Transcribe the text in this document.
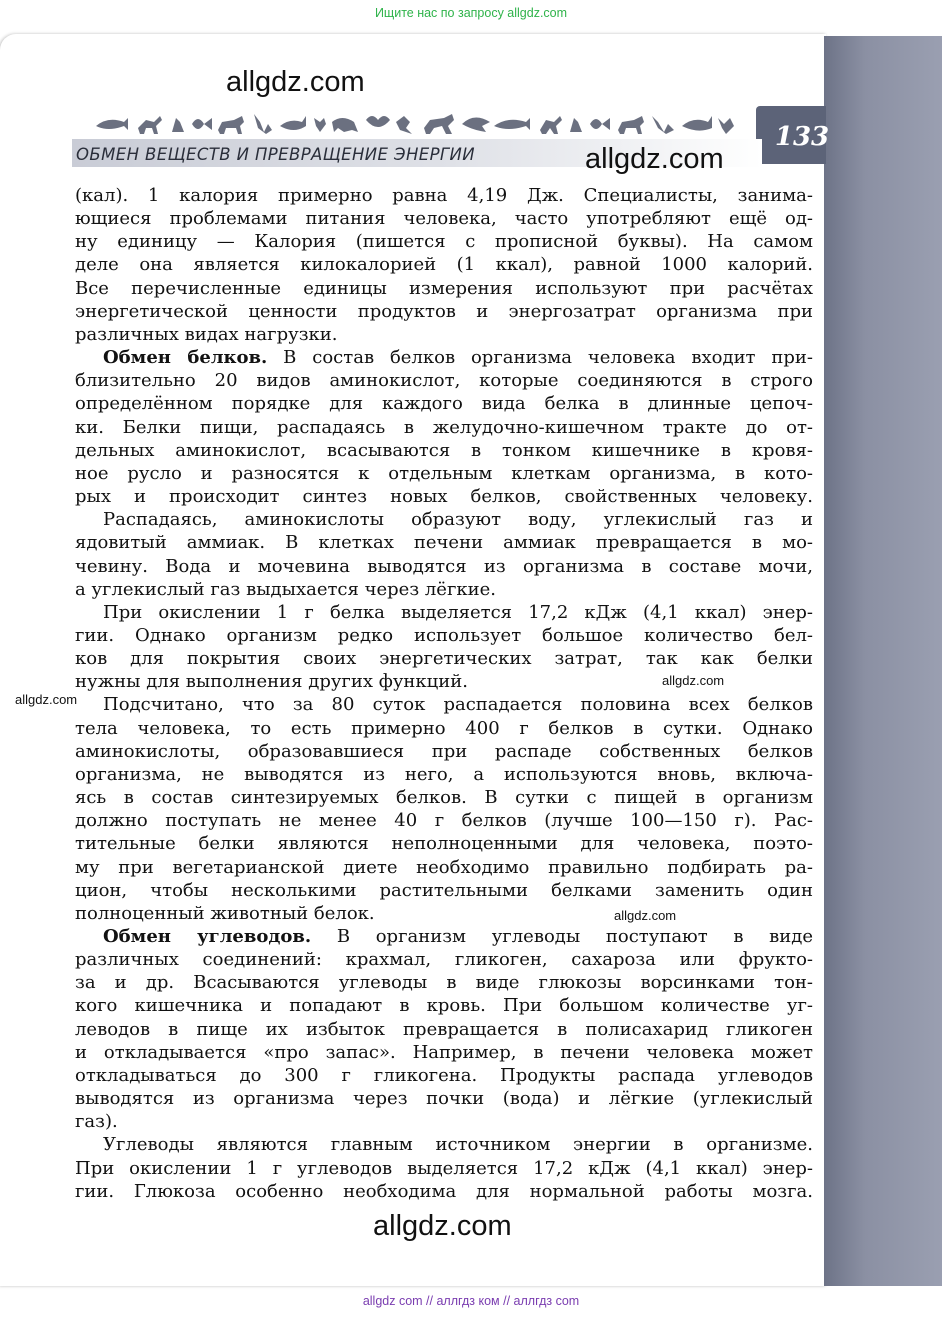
Ищите нас по запросу allgdz.com
133
allgdz.com
ОБМЕН ВЕЩЕСТВ И ПРЕВРАЩЕНИЕ ЭНЕРГИИ	allgdz.com

(кал). 1 калория примерно равна 4,19 Дж. Специалисты, занима-
ющиеся проблемами питания человека, часто употребляют ещё од-
ну единицу — Калория (пишется с прописной буквы). На самом
деле она является килокалорией (1 ккал), равной 1000 калорий.
Все перечисленные единицы измерения используют при расчётах
энергетической ценности продуктов и энергозатрат организма при

различных видах нагрузки.

Обмен белков. В состав белков организма человека входит при-
близительно 20 видов аминокислот, которые соединяются в строго
определённом порядке для каждого вида белка в длинные цепоч-
ки. Белки пищи, распадаясь в желудочно-кишечном тракте до от-
дельных аминокислот, всасываются в тонком кишечнике в кровя-
ное русло и разносятся к отдельным клеткам организма, в кото-
рых и происходит синтез новых белков, свойственных человеку.

Распадаясь, аминокислоты образуют воду, углекислый газ и
ядовитый аммиак. В клетках печени аммиак превращается в мо-
чевину. Вода и мочевина выводятся из организма в составе мочи,

а углекислый газ выдыхается через лёгкие.

При окислении 1 г белка выделяется 17,2 кДж (4,1 ккал) энер-
гии. Однако организм редко использует большое количество бел-
ков для покрытия своих энергетических затрат, так как белки

нужны для выполнения других функций.

Подсчитано, что за 80 суток распадается половина всех белков
тела человека, то есть примерно 400 г белков в сутки. Однако
аминокислоты, образовавшиеся при распаде собственных белков
организма, не выводятся из него, а используются вновь, включа-
ясь в состав синтезируемых белков. В сутки с пищей в организм
должно поступать не менее 40 г белков (лучше 100—150 г). Рас-
тительные белки являются неполноценными для человека, поэто-
му при вегетарианской диете необходимо правильно подбирать ра-
цион, чтобы несколькими растительными белками заменить один

полноценный животный белок.

Обмен углеводов. В организм углеводы поступают в виде
различных соединений: крахмал, гликоген, сахароза или фрукто-
за и др. Всасываются углеводы в виде глюкозы ворсинками тон-
кого кишечника и попадают в кровь. При большом количестве уг-
леводов в пище их избыток превращается в полисахарид гликоген
и откладывается «про запас». Например, в печени человека может
откладываться до 300 г гликогена. Продукты распада углеводов
выводятся из организма через почки (вода) и лёгкие (углекислый

газ).

Углеводы являются главным источником энергии в организме.
При окислении 1 г углеводов выделяется 17,2 кДж (4,1 ккал) энер-
гии. Глюкоза особенно необходима для нормальной работы мозга.

allgdz.com
allgdz.com
allgdz.com
allgdz.com
allgdz com // аллгдз ком // аллгдз com
